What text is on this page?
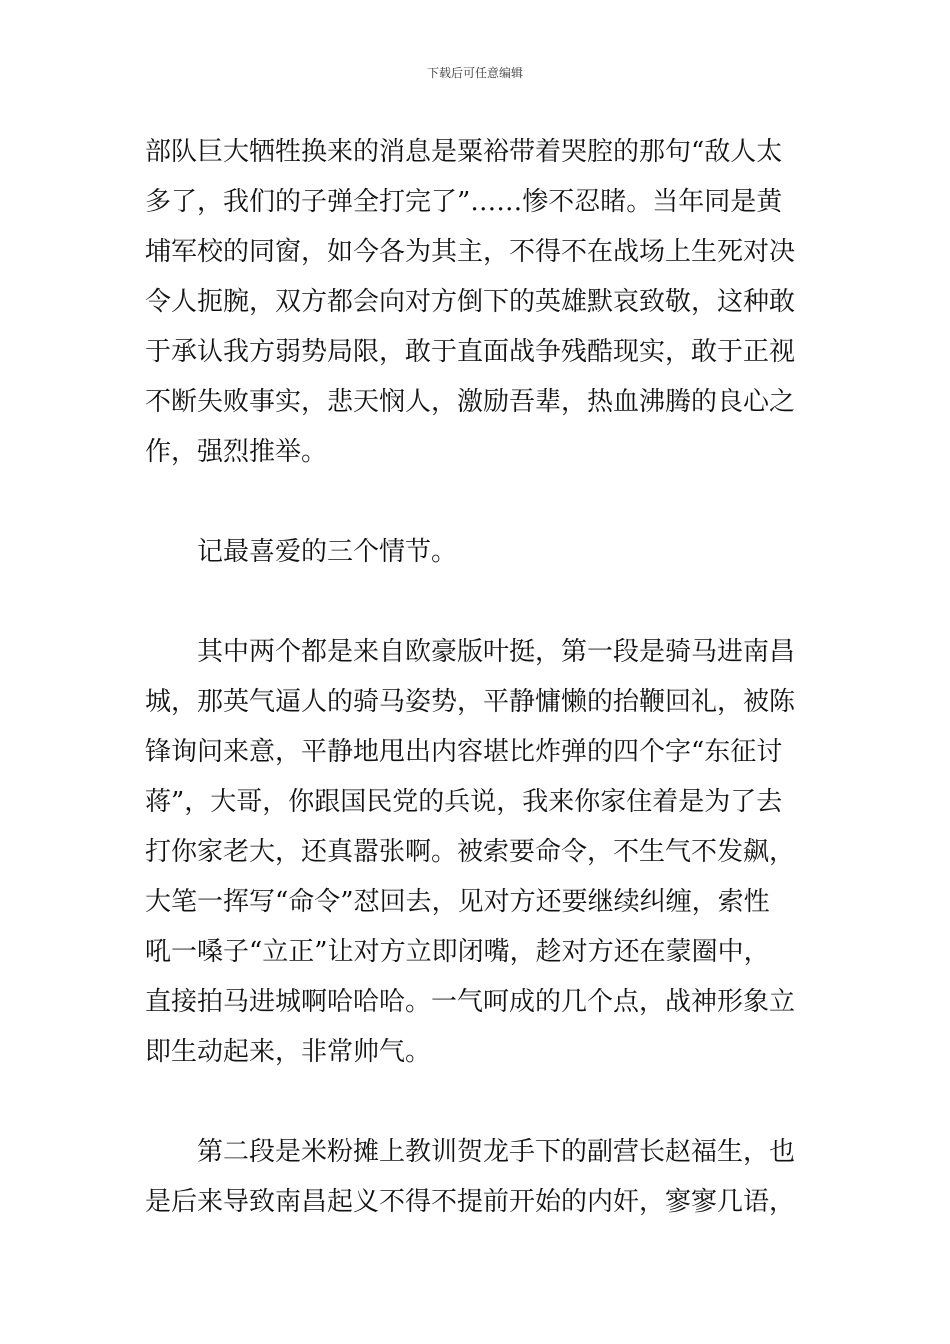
下载后可任意编辑
部队巨大牺牲换来的消息是粟裕带着哭腔的那句“敌人太
多了，我们的子弹全打完了”……惨不忍睹。当年同是黄
埔军校的同窗，如今各为其主，不得不在战场上生死对决
令人扼腕，双方都会向对方倒下的英雄默哀致敬，这种敢
于承认我方弱势局限，敢于直面战争残酷现实，敢于正视
不断失败事实，悲天悯人，激励吾辈，热血沸腾的良心之
作，强烈推举。
记最喜爱的三个情节。
其中两个都是来自欧豪版叶挺，第一段是骑马进南昌
城，那英气逼人的骑马姿势，平静慵懒的抬鞭回礼，被陈
锋询问来意，平静地甩出内容堪比炸弹的四个字“东征讨
蒋”，大哥，你跟国民党的兵说，我来你家住着是为了去
打你家老大，还真嚣张啊。被索要命令，不生气不发飙，
大笔一挥写“命令”怼回去，见对方还要继续纠缠，索性
吼一嗓子“立正”让对方立即闭嘴，趁对方还在蒙圈中，
直接拍马进城啊哈哈哈。一气呵成的几个点，战神形象立
即生动起来，非常帅气。
第二段是米粉摊上教训贺龙手下的副营长赵福生，也
是后来导致南昌起义不得不提前开始的内奸，寥寥几语，
